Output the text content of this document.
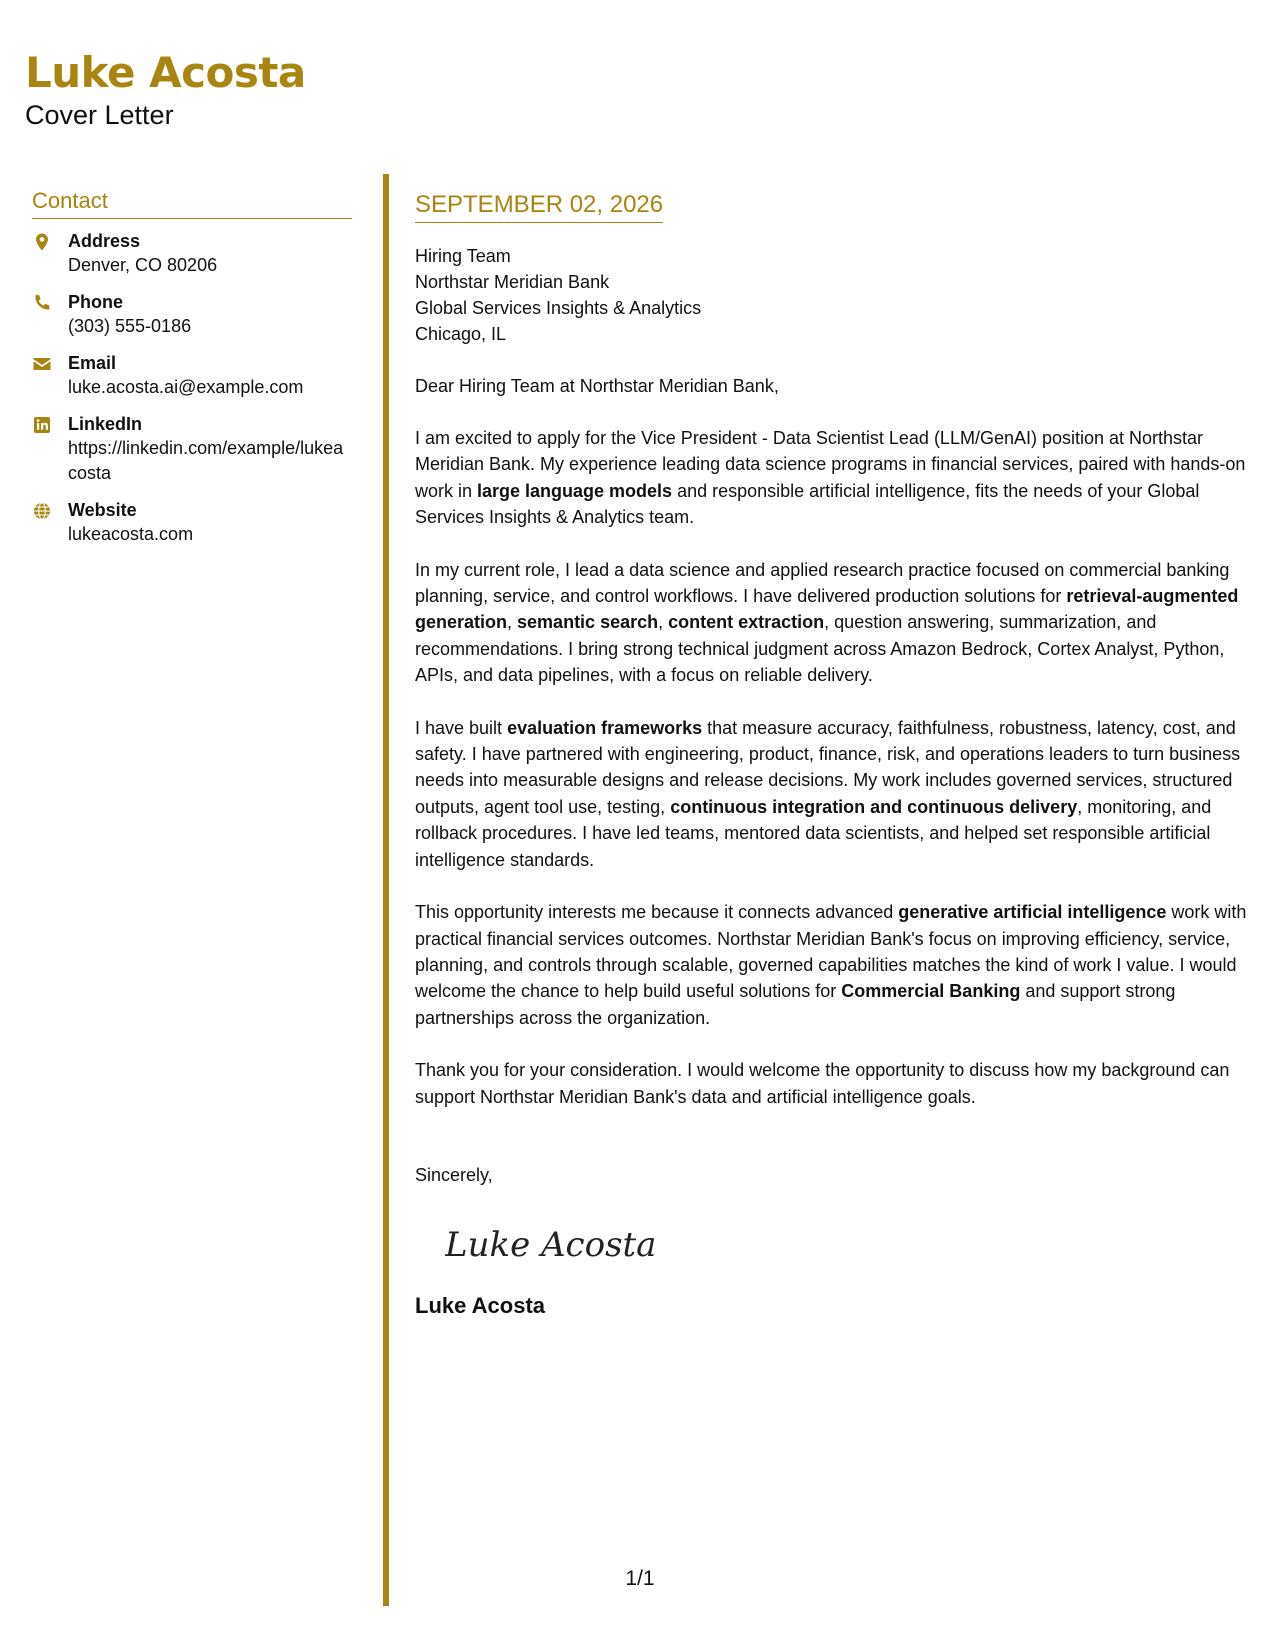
Luke Acosta
Cover Letter
Contact
Address
Denver, CO 80206
Phone
(303) 555-0186
Email
luke.acosta.ai@example.com
LinkedIn
https://linkedin.com/example/lukeacosta
Website
lukeacosta.com
SEPTEMBER 02, 2026
Hiring Team
Northstar Meridian Bank
Global Services Insights & Analytics
Chicago, IL
Dear Hiring Team at Northstar Meridian Bank,
I am excited to apply for the Vice President - Data Scientist Lead (LLM/GenAI) position at Northstar Meridian Bank. My experience leading data science programs in financial services, paired with hands-on work in large language models and responsible artificial intelligence, fits the needs of your Global Services Insights & Analytics team.
In my current role, I lead a data science and applied research practice focused on commercial banking planning, service, and control workflows. I have delivered production solutions for retrieval-augmented generation, semantic search, content extraction, question answering, summarization, and recommendations. I bring strong technical judgment across Amazon Bedrock, Cortex Analyst, Python, APIs, and data pipelines, with a focus on reliable delivery.
I have built evaluation frameworks that measure accuracy, faithfulness, robustness, latency, cost, and safety. I have partnered with engineering, product, finance, risk, and operations leaders to turn business needs into measurable designs and release decisions. My work includes governed services, structured outputs, agent tool use, testing, continuous integration and continuous delivery, monitoring, and rollback procedures. I have led teams, mentored data scientists, and helped set responsible artificial intelligence standards.
This opportunity interests me because it connects advanced generative artificial intelligence work with practical financial services outcomes. Northstar Meridian Bank's focus on improving efficiency, service, planning, and controls through scalable, governed capabilities matches the kind of work I value. I would welcome the chance to help build useful solutions for Commercial Banking and support strong partnerships across the organization.
Thank you for your consideration. I would welcome the opportunity to discuss how my background can support Northstar Meridian Bank's data and artificial intelligence goals.
Sincerely,
Luke Acosta
Luke Acosta
1/1
